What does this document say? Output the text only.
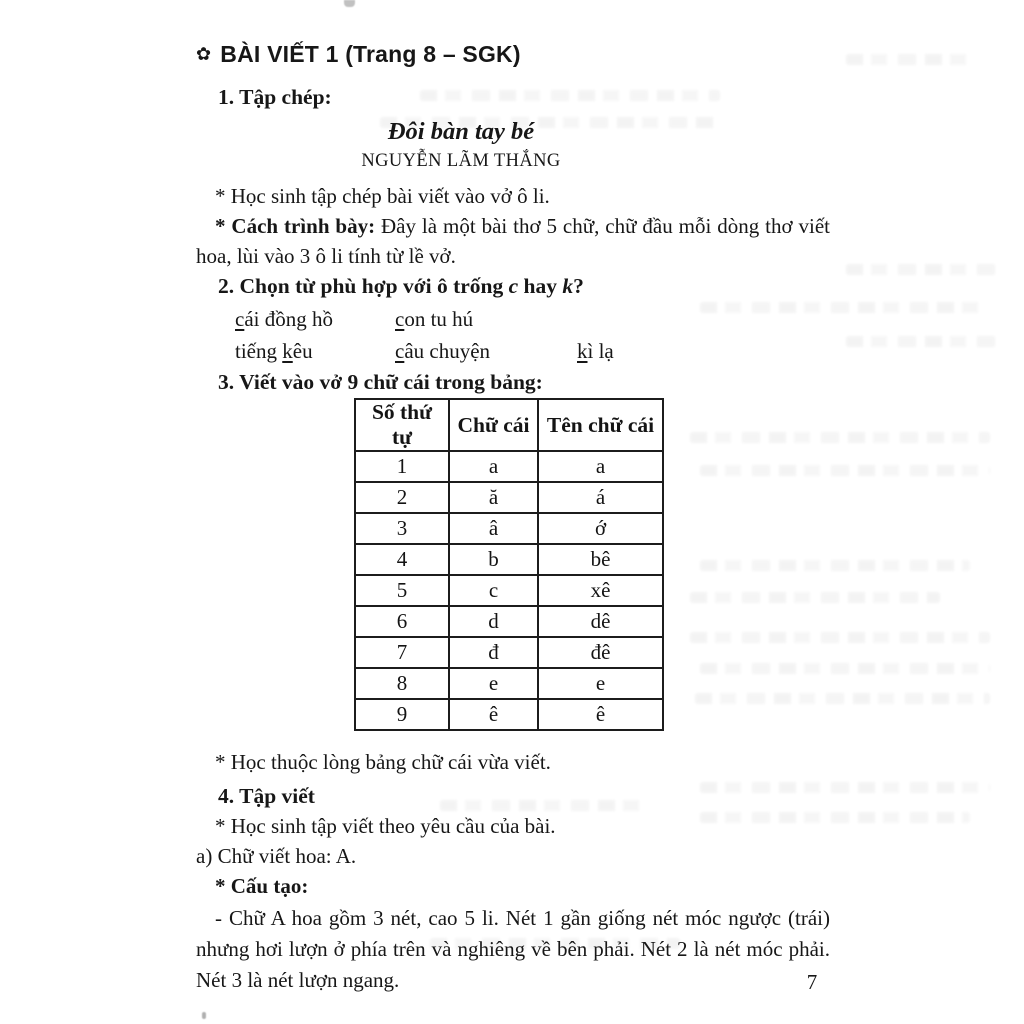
✿ BÀI VIẾT 1 (Trang 8 – SGK)
1. Tập chép:
Đôi bàn tay bé
NGUYỄN LÃM THẮNG

* Học sinh tập chép bài viết vào vở ô li.

* Cách trình bày: Đây là một bài thơ 5 chữ, chữ đầu mỗi dòng thơ viết hoa, lùi vào 3 ô li tính từ lề vở.

2. Chọn từ phù hợp với ô trống c hay k?
cái đồng hồ	con tu hú
tiếng kêu	câu chuyện	kì lạ
3. Viết vào vở 9 chữ cái trong bảng:
Số thứ tự	Chữ cái	Tên chữ cái
1	a	a
2	ă	á
3	â	ớ
4	b	bê
5	c	xê
6	d	dê
7	đ	đê
8	e	e
9	ê	ê

* Học thuộc lòng bảng chữ cái vừa viết.

4. Tập viết

* Học sinh tập viết theo yêu cầu của bài.

a) Chữ viết hoa: A.

* Cấu tạo:

- Chữ A hoa gồm 3 nét, cao 5 li. Nét 1 gần giống nét móc ngược (trái) nhưng hơi lượn ở phía trên và nghiêng về bên phải. Nét 2 là nét móc phải. Nét 3 là nét lượn ngang.	7
